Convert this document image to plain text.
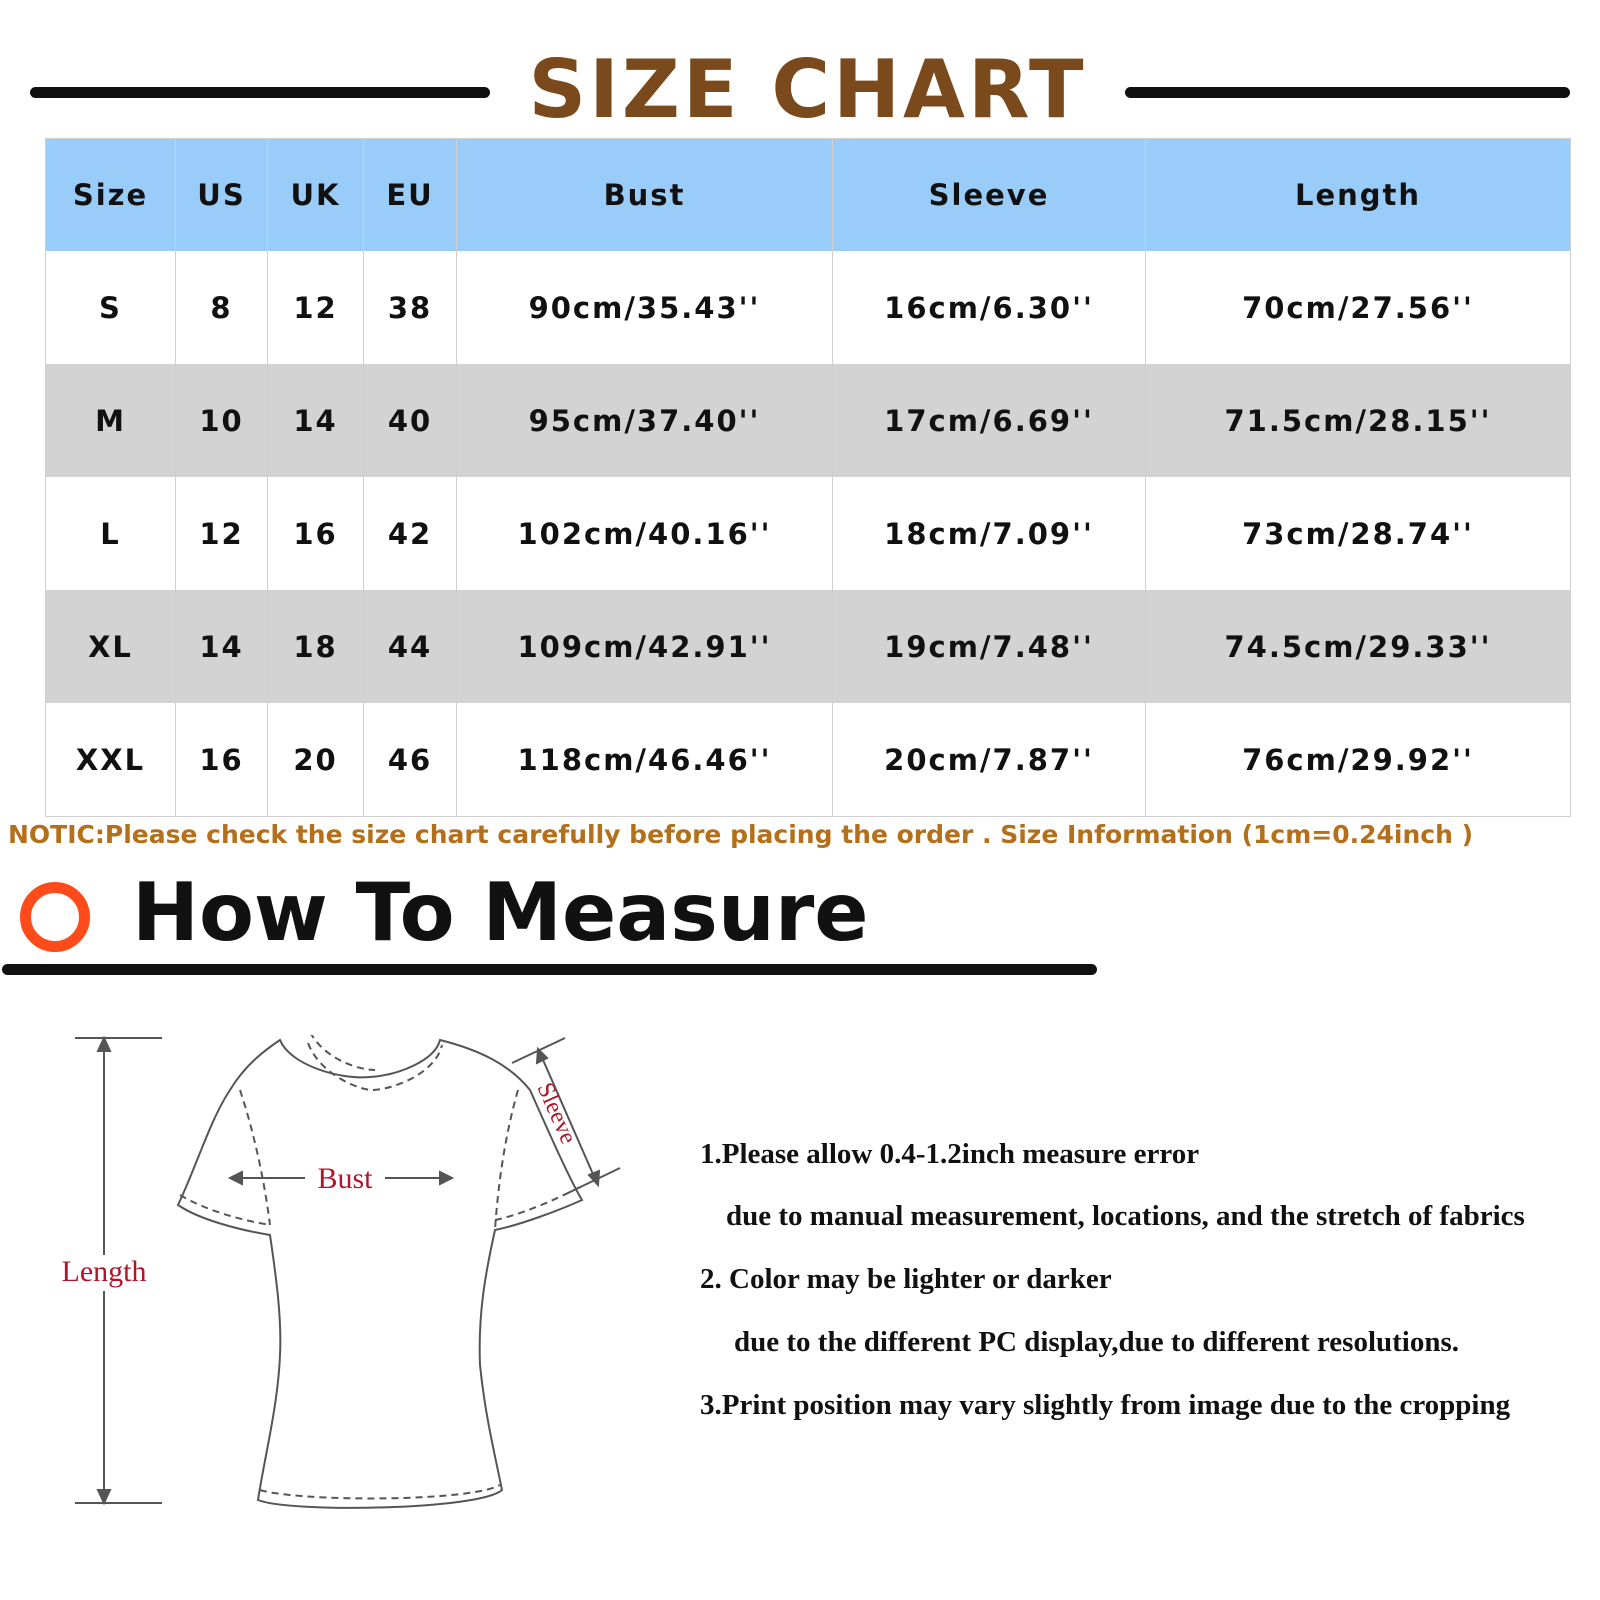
SIZE CHART
Size	US	UK	EU	Bust	Sleeve	Length
S	8	12	38	90cm/35.43''	16cm/6.30''	70cm/27.56''
M	10	14	40	95cm/37.40''	17cm/6.69''	71.5cm/28.15''
L	12	16	42	102cm/40.16''	18cm/7.09''	73cm/28.74''
XL	14	18	44	109cm/42.91''	19cm/7.48''	74.5cm/29.33''
XXL	16	20	46	118cm/46.46''	20cm/7.87''	76cm/29.92''
NOTIC:Please check the size chart carefully before placing the order . Size Information (1cm=0.24inch )
How To Measure
Length
Bust
Sleeve
1.Please allow 0.4-1.2inch measure error
due to manual measurement, locations, and the stretch of fabrics
2. Color may be lighter or darker
due to the different PC display,due to different resolutions.
3.Print position may vary slightly from image due to the cropping
